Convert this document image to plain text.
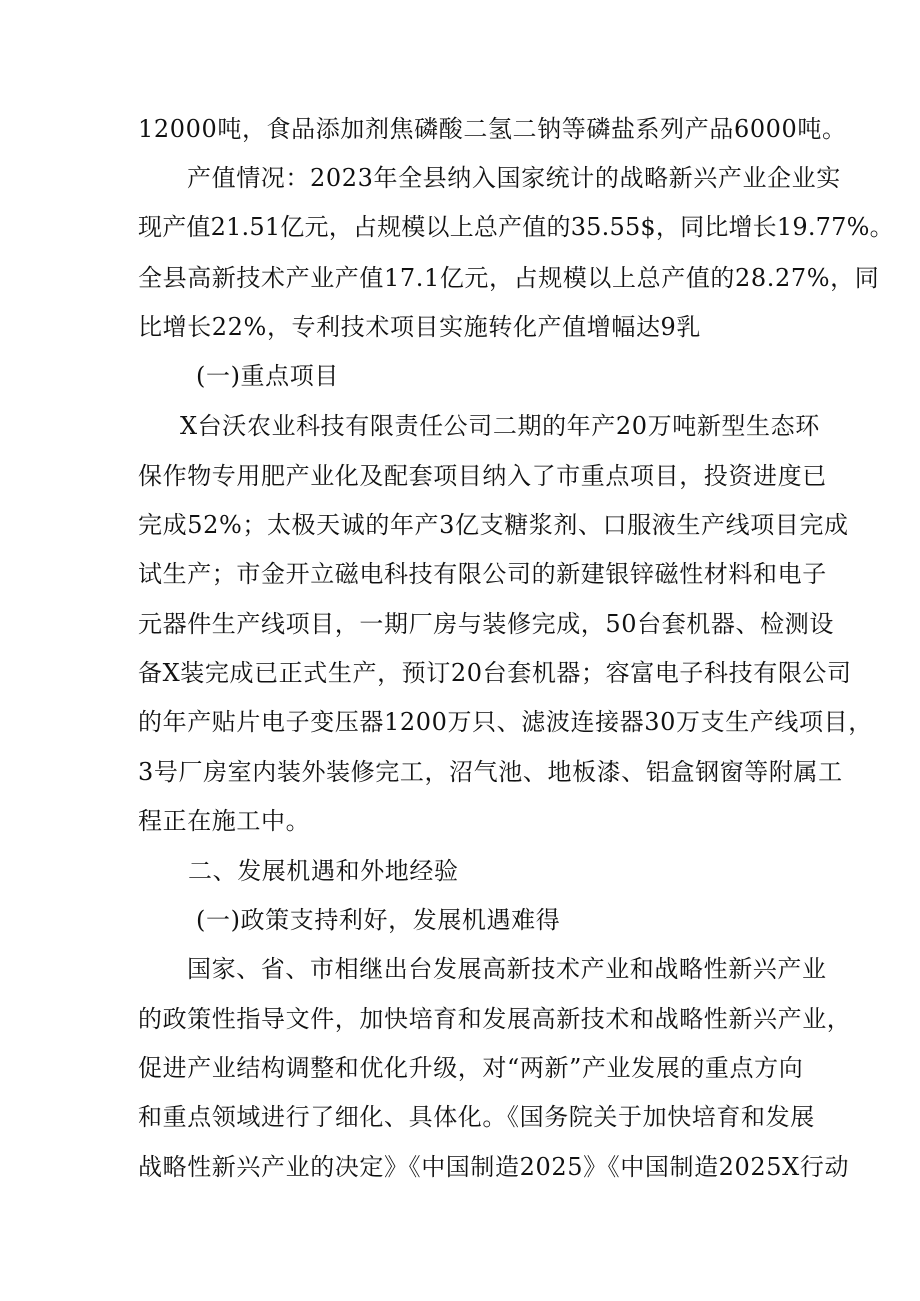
12000吨，食品添加剂焦磷酸二氢二钠等磷盐系列产品6000吨。
产值情况：2023年全县纳入国家统计的战略新兴产业企业实
现产值21.51亿元，占规模以上总产值的35.55$，同比增长19.77%。
全县高新技术产业产值17.1亿元，占规模以上总产值的28.27%，同
比增长22%，专利技术项目实施转化产值增幅达9乳
(一)重点项目
X台沃农业科技有限责任公司二期的年产20万吨新型生态环
保作物专用肥产业化及配套项目纳入了市重点项目，投资进度已
完成52%；太极天诚的年产3亿支糖浆剂、口服液生产线项目完成
试生产；市金开立磁电科技有限公司的新建银锌磁性材料和电子
元器件生产线项目，一期厂房与装修完成，50台套机器、检测设
备X装完成已正式生产，预订20台套机器；容富电子科技有限公司
的年产贴片电子变压器1200万只、滤波连接器30万支生产线项目，
3号厂房室内装外装修完工，沼气池、地板漆、铝盒钢窗等附属工
程正在施工中。
二、发展机遇和外地经验
(一)政策支持利好，发展机遇难得
国家、省、市相继出台发展高新技术产业和战略性新兴产业
的政策性指导文件，加快培育和发展高新技术和战略性新兴产业，
促进产业结构调整和优化升级，对“两新”产业发展的重点方向
和重点领域进行了细化、具体化。《国务院关于加快培育和发展
战略性新兴产业的决定》《中国制造2025》《中国制造2025X行动
